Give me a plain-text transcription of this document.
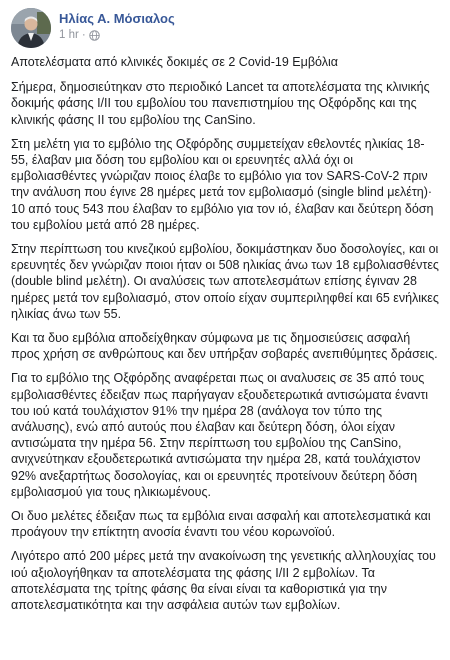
Ηλίας Α. Μόσιαλος
1 hr ·

Αποτελέσματα από κλινικές δοκιμές σε 2 Covid-19 Εμβόλια

Σήμερα, δημοσιεύτηκαν στο περιοδικό Lancet τα αποτελέσματα της κλινικής δοκιμής φάσης I/II του εμβολίου του πανεπιστημίου της Οξφόρδης και της κλινικής φάσης II του εμβολίου της CanSino.

Στη μελέτη για το εμβόλιο της Οξφόρδης συμμετείχαν εθελοντές ηλικίας 18-55, έλαβαν μια δόση του εμβολίου και οι ερευνητές αλλά όχι οι εμβολιασθέντες γνώριζαν ποιος έλαβε το εμβόλιο για τον SARS-CoV-2 πριν την ανάλυση που έγινε 28 ημέρες μετά τον εμβολιασμό (single blind μελέτη)· 10 από τους 543 που έλαβαν το εμβόλιο για τον ιό, έλαβαν και δεύτερη δόση του εμβολίου μετά από 28 ημέρες.

Στην περίπτωση του κινεζικού εμβολίου, δοκιμάστηκαν δυο δοσολογίες, και οι ερευνητές δεν γνώριζαν ποιοι ήταν οι 508 ηλικίας άνω των 18 εμβολιασθέντες (double blind μελέτη). Οι αναλύσεις των αποτελεσμάτων επίσης έγιναν 28 ημέρες μετά τον εμβολιασμό, στον οποίο είχαν συμπεριληφθεί και 65 ενήλικες ηλικίας άνω των 55.

Και τα δυο εμβόλια αποδείχθηκαν σύμφωνα με τις δημοσιεύσεις ασφαλή προς χρήση σε ανθρώπους και δεν υπήρξαν σοβαρές ανεπιθύμητες δράσεις.

Για το εμβόλιο της Οξφόρδης αναφέρεται πως οι αναλυσεις σε 35 από τους εμβολιασθέντες έδειξαν πως παρήγαγαν εξουδετερωτικά αντισώματα έναντι του ιού κατά τουλάχιστον 91% την ημέρα 28 (ανάλογα τον τύπο της ανάλυσης), ενώ από αυτούς που έλαβαν και δεύτερη δόση, όλοι είχαν αντισώματα την ημέρα 56. Στην περίπτωση του εμβολίου της CanSino, ανιχνεύτηκαν εξουδετερωτικά αντισώματα την ημέρα 28, κατά τουλάχιστον 92% ανεξαρτήτως δοσολογίας, και οι ερευνητές προτείνουν δεύτερη δόση εμβολιασμού για τους ηλικιωμένους.

Οι δυο μελέτες έδειξαν πως τα εμβόλια ειναι ασφαλή και αποτελεσματικά και προάγουν την επίκτητη ανοσία έναντι του νέου κορωνοϊού.

Λιγότερο από 200 μέρες μετά την ανακοίνωση της γενετικής αλληλουχίας του ιού αξιολογήθηκαν τα αποτελέσματα της φάσης I/II 2 εμβολίων. Τα αποτελέσματα της τρίτης φάσης θα είναι είναι τα καθοριστικά για την αποτελεσματικότητα και την ασφάλεια αυτών των εμβολίων.
